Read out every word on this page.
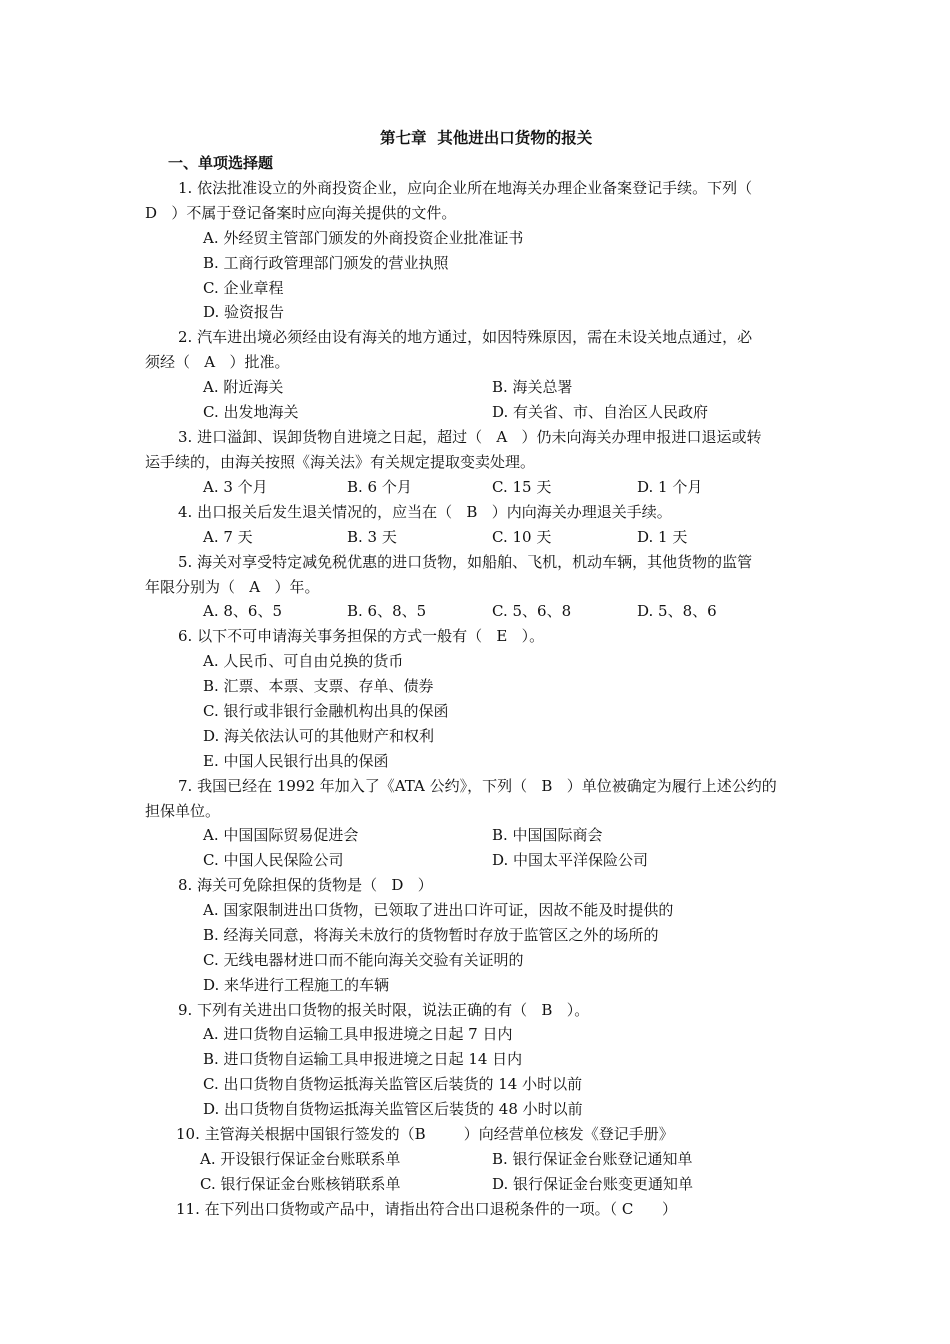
第七章  其他进出口货物的报关
一、单项选择题
1. 依法批准设立的外商投资企业，应向企业所在地海关办理企业备案登记手续。下列（
D   ）不属于登记备案时应向海关提供的文件。
A. 外经贸主管部门颁发的外商投资企业批准证书
B. 工商行政管理部门颁发的营业执照
C. 企业章程
D. 验资报告
2. 汽车进出境必须经由设有海关的地方通过，如因特殊原因，需在未设关地点通过，必
须经（   A   ）批准。
A. 附近海关	B. 海关总署
C. 出发地海关	D. 有关省、市、自治区人民政府
3. 进口溢卸、误卸货物自进境之日起，超过（   A   ）仍未向海关办理申报进口退运或转
运手续的，由海关按照《海关法》有关规定提取变卖处理。
A. 3 个月	B. 6 个月	C. 15 天	D. 1 个月
4. 出口报关后发生退关情况的，应当在（   B   ）内向海关办理退关手续。
A. 7 天	B. 3 天	C. 10 天	D. 1 天
5. 海关对享受特定减免税优惠的进口货物，如船舶、飞机，机动车辆，其他货物的监管
年限分别为（   A   ）年。
A. 8、6、5	B. 6、8、5	C. 5、6、8	D. 5、8、6
6. 以下不可申请海关事务担保的方式一般有（   E   ）。
A. 人民币、可自由兑换的货币
B. 汇票、本票、支票、存单、债券
C. 银行或非银行金融机构出具的保函
D. 海关依法认可的其他财产和权利
E. 中国人民银行出具的保函
7. 我国已经在 1992 年加入了《ATA 公约》，下列（   B   ）单位被确定为履行上述公约的
担保单位。
A. 中国国际贸易促进会	B. 中国国际商会
C. 中国人民保险公司	D. 中国太平洋保险公司
8. 海关可免除担保的货物是（   D   ）
A. 国家限制进出口货物，已领取了进出口许可证，因故不能及时提供的
B. 经海关同意，将海关未放行的货物暂时存放于监管区之外的场所的
C. 无线电器材进口而不能向海关交验有关证明的
D. 来华进行工程施工的车辆
9. 下列有关进出口货物的报关时限，说法正确的有（   B   ）。
A. 进口货物自运输工具申报进境之日起 7 日内
B. 进口货物自运输工具申报进境之日起 14 日内
C. 出口货物自货物运抵海关监管区后装货的 14 小时以前
D. 出口货物自货物运抵海关监管区后装货的 48 小时以前
10. 主管海关根据中国银行签发的（B        ）向经营单位核发《登记手册》
A. 开设银行保证金台账联系单	B. 银行保证金台账登记通知单
C. 银行保证金台账核销联系单	D. 银行保证金台账变更通知单
11. 在下列出口货物或产品中，请指出符合出口退税条件的一项。（ C      ）
